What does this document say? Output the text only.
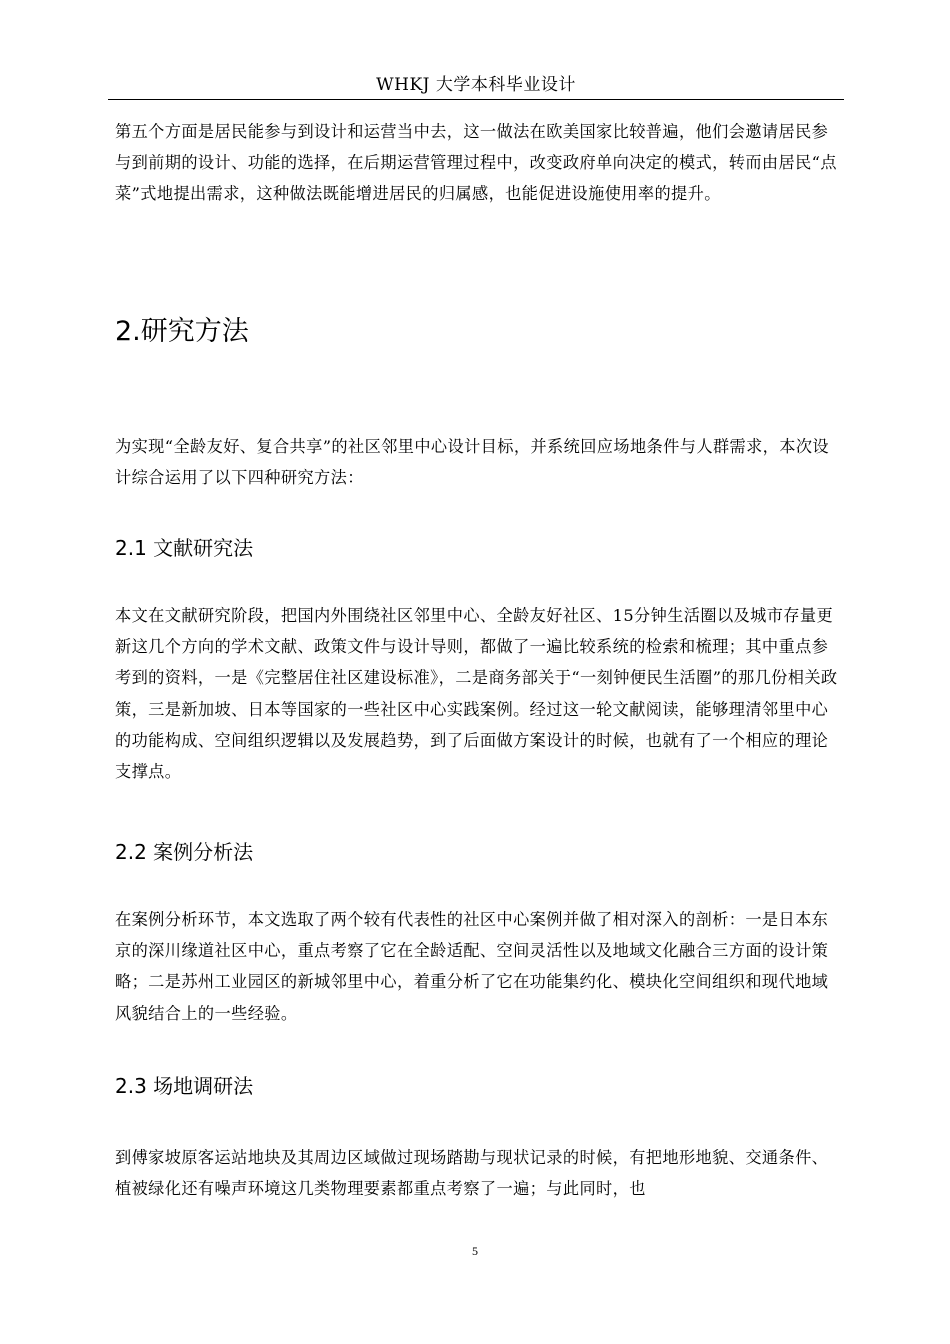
WHKJ 大学本科毕业设计

第五个方面是居民能参与到设计和运营当中去，这一做法在欧美国家比较普遍，他们会邀请居民参与到前期的设计、功能的选择，在后期运营管理过程中，改变政府单向决定的模式，转而由居民“点菜”式地提出需求，这种做法既能增进居民的归属感，也能促进设施使用率的提升。

2.研究方法

为实现“全龄友好、复合共享”的社区邻里中心设计目标，并系统回应场地条件与人群需求，本次设计综合运用了以下四种研究方法：

2.1 文献研究法

本文在文献研究阶段，把国内外围绕社区邻里中心、全龄友好社区、15分钟生活圈以及城市存量更新这几个方向的学术文献、政策文件与设计导则，都做了一遍比较系统的检索和梳理；其中重点参考到的资料，一是《完整居住社区建设标准》，二是商务部关于“一刻钟便民生活圈”的那几份相关政策，三是新加坡、日本等国家的一些社区中心实践案例。经过这一轮文献阅读，能够理清邻里中心的功能构成、空间组织逻辑以及发展趋势，到了后面做方案设计的时候，也就有了一个相应的理论支撑点。

2.2 案例分析法

在案例分析环节，本文选取了两个较有代表性的社区中心案例并做了相对深入的剖析：一是日本东京的深川缘道社区中心，重点考察了它在全龄适配、空间灵活性以及地域文化融合三方面的设计策略；二是苏州工业园区的新城邻里中心，着重分析了它在功能集约化、模块化空间组织和现代地域风貌结合上的一些经验。

2.3 场地调研法

到傅家坡原客运站地块及其周边区域做过现场踏勘与现状记录的时候，有把地形地貌、交通条件、植被绿化还有噪声环境这几类物理要素都重点考察了一遍；与此同时，也

5
